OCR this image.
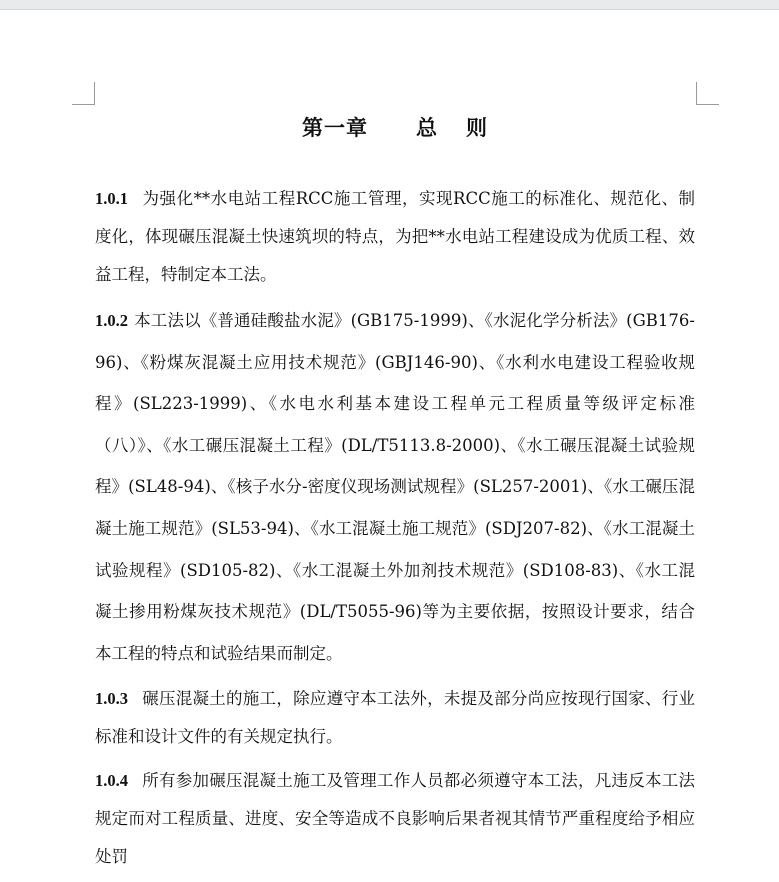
第一章 总 则

1.0.1 为强化**水电站工程RCC施工管理，实现RCC施工的标准化、规范化、制度化，体现碾压混凝土快速筑坝的特点，为把**水电站工程建设成为优质工程、效益工程，特制定本工法。

1.0.2 本工法以《普通硅酸盐水泥》(GB175-1999)、《水泥化学分析法》(GB176-96)、《粉煤灰混凝土应用技术规范》(GBJ146-90)、《水利水电建设工程验收规程》(SL223-1999)、《水电水利基本建设工程单元工程质量等级评定标准（八）》、《水工碾压混凝土工程》(DL/T5113.8-2000)、《水工碾压混凝土试验规程》(SL48-94)、《核子水分-密度仪现场测试规程》(SL257-2001)、《水工碾压混凝土施工规范》(SL53-94)、《水工混凝土施工规范》(SDJ207-82)、《水工混凝土试验规程》(SD105-82)、《水工混凝土外加剂技术规范》(SD108-83)、《水工混凝土掺用粉煤灰技术规范》(DL/T5055-96)等为主要依据，按照设计要求，结合本工程的特点和试验结果而制定。

1.0.3 碾压混凝土的施工，除应遵守本工法外，未提及部分尚应按现行国家、行业标准和设计文件的有关规定执行。

1.0.4 所有参加碾压混凝土施工及管理工作人员都必须遵守本工法，凡违反本工法规定而对工程质量、进度、安全等造成不良影响后果者视其情节严重程度给予相应处罚
